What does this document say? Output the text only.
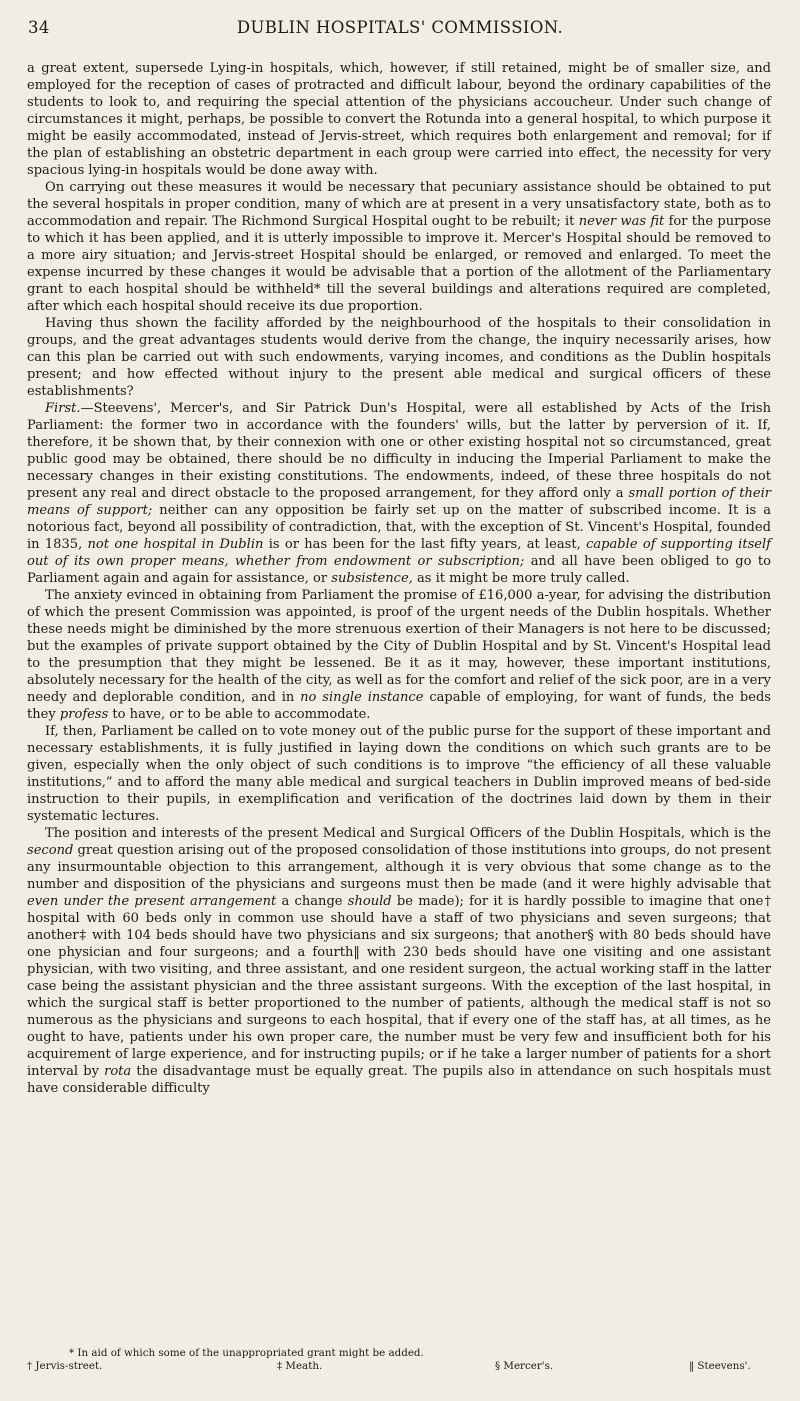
34	DUBLIN HOSPITALS' COMMISSION.

a great extent, supersede Lying-in hospitals, which, however, if still retained, might be of smaller size, and employed for the reception of cases of protracted and difficult labour, beyond the ordinary capabilities of the students to look to, and requiring the special attention of the physicians accoucheur. Under such change of circumstances it might, perhaps, be possible to convert the Rotunda into a general hospital, to which purpose it might be easily accommodated, instead of Jervis-street, which requires both enlargement and removal; for if the plan of establishing an obstetric department in each group were carried into effect, the necessity for very spacious lying-in hospitals would be done away with.

On carrying out these measures it would be necessary that pecuniary assistance should be obtained to put the several hospitals in proper condition, many of which are at present in a very unsatisfactory state, both as to accommodation and repair. The Richmond Surgical Hospital ought to be rebuilt; it never was fit for the purpose to which it has been applied, and it is utterly impossible to improve it. Mercer's Hospital should be removed to a more airy situation; and Jervis-street Hospital should be enlarged, or removed and enlarged. To meet the expense incurred by these changes it would be advisable that a portion of the allotment of the Parliamentary grant to each hospital should be withheld* till the several buildings and alterations required are completed, after which each hospital should receive its due proportion.

Having thus shown the facility afforded by the neighbourhood of the hospitals to their consolidation in groups, and the great advantages students would derive from the change, the inquiry necessarily arises, how can this plan be carried out with such endowments, varying incomes, and conditions as the Dublin hospitals present; and how effected without injury to the present able medical and surgical officers of these establishments?

First.—Steevens', Mercer's, and Sir Patrick Dun's Hospital, were all established by Acts of the Irish Parliament: the former two in accordance with the founders' wills, but the latter by perversion of it. If, therefore, it be shown that, by their connexion with one or other existing hospital not so circumstanced, great public good may be obtained, there should be no difficulty in inducing the Imperial Parliament to make the necessary changes in their existing constitutions. The endowments, indeed, of these three hospitals do not present any real and direct obstacle to the proposed arrangement, for they afford only a small portion of their means of support; neither can any opposition be fairly set up on the matter of subscribed income. It is a notorious fact, beyond all possibility of contradiction, that, with the exception of St. Vincent's Hospital, founded in 1835, not one hospital in Dublin is or has been for the last fifty years, at least, capable of supporting itself out of its own proper means, whether from endowment or subscription; and all have been obliged to go to Parliament again and again for assistance, or subsistence, as it might be more truly called.

The anxiety evinced in obtaining from Parliament the promise of £16,000 a-year, for advising the distribution of which the present Commission was appointed, is proof of the urgent needs of the Dublin hospitals. Whether these needs might be diminished by the more strenuous exertion of their Managers is not here to be discussed; but the examples of private support obtained by the City of Dublin Hospital and by St. Vincent's Hospital lead to the presumption that they might be lessened. Be it as it may, however, these important institutions, absolutely necessary for the health of the city, as well as for the comfort and relief of the sick poor, are in a very needy and deplorable condition, and in no single instance capable of employing, for want of funds, the beds they profess to have, or to be able to accommodate.

If, then, Parliament be called on to vote money out of the public purse for the support of these important and necessary establishments, it is fully justified in laying down the conditions on which such grants are to be given, especially when the only object of such conditions is to improve “the efficiency of all these valuable institutions,” and to afford the many able medical and surgical teachers in Dublin improved means of bed-side instruction to their pupils, in exemplification and verification of the doctrines laid down by them in their systematic lectures.

The position and interests of the present Medical and Surgical Officers of the Dublin Hospitals, which is the second great question arising out of the proposed consolidation of those institutions into groups, do not present any insurmountable objection to this arrangement, although it is very obvious that some change as to the number and disposition of the physicians and surgeons must then be made (and it were highly advisable that even under the present arrangement a change should be made); for it is hardly possible to imagine that one† hospital with 60 beds only in common use should have a staff of two physicians and seven surgeons; that another‡ with 104 beds should have two physicians and six surgeons; that another§ with 80 beds should have one physician and four surgeons; and a fourth‖ with 230 beds should have one visiting and one assistant physician, with two visiting, and three assistant, and one resident surgeon, the actual working staff in the latter case being the assistant physician and the three assistant surgeons. With the exception of the last hospital, in which the surgical staff is better proportioned to the number of patients, although the medical staff is not so numerous as the physicians and surgeons to each hospital, that if every one of the staff has, at all times, as he ought to have, patients under his own proper care, the number must be very few and insufficient both for his acquirement of large experience, and for instructing pupils; or if he take a larger number of patients for a short interval by rota the disadvantage must be equally great. The pupils also in attendance on such hospitals must have considerable difficulty

* In aid of which some of the unappropriated grant might be added.
† Jervis-street.	‡ Meath.	§ Mercer's.	‖ Steevens'.
